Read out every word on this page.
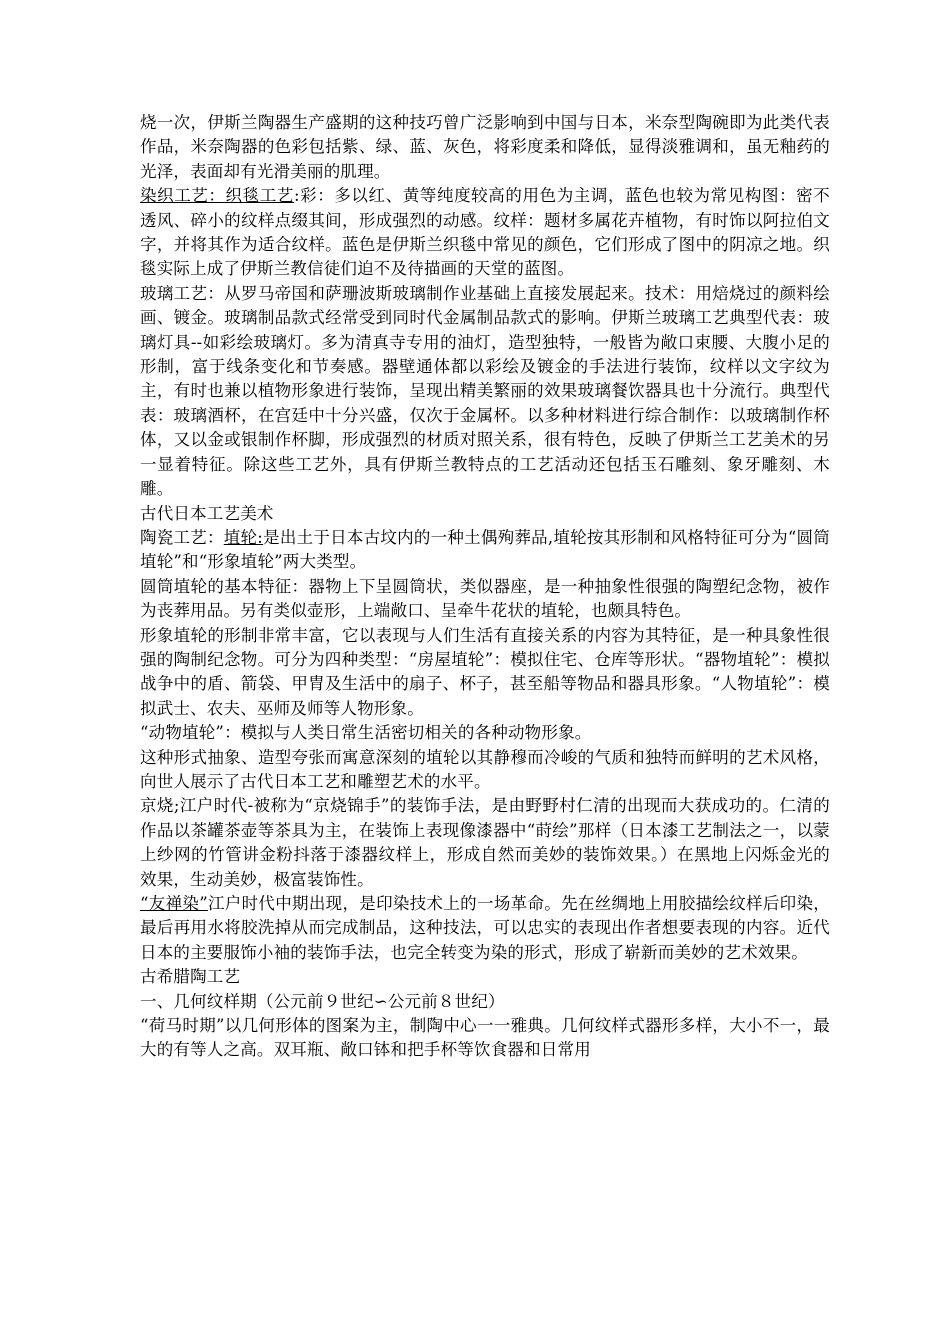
烧一次，伊斯兰陶器生产盛期的这种技巧曾广泛影响到中国与日本，米奈型陶碗即为此类代表作品，米奈陶器的色彩包括紫、绿、蓝、灰色，将彩度柔和降低，显得淡雅调和，虽无釉药的光泽，表面却有光滑美丽的肌理。

染织工艺：织毯工艺:彩：多以红、黄等纯度较高的用色为主调，蓝色也较为常见构图：密不透风、碎小的纹样点缀其间，形成强烈的动感。纹样：题材多属花卉植物，有时饰以阿拉伯文字，并将其作为适合纹样。蓝色是伊斯兰织毯中常见的颜色，它们形成了图中的阴凉之地。织毯实际上成了伊斯兰教信徒们迫不及待描画的天堂的蓝图。

玻璃工艺：从罗马帝国和萨珊波斯玻璃制作业基础上直接发展起来。技术：用焙烧过的颜料绘画、镀金。玻璃制品款式经常受到同时代金属制品款式的影响。伊斯兰玻璃工艺典型代表：玻璃灯具--如彩绘玻璃灯。多为清真寺专用的油灯，造型独特，一般皆为敞口束腰、大腹小足的形制，富于线条变化和节奏感。器壁通体都以彩绘及镀金的手法进行装饰，纹样以文字纹为主，有时也兼以植物形象进行装饰，呈现出精美繁丽的效果玻璃餐饮器具也十分流行。典型代表：玻璃酒杯，在宫廷中十分兴盛，仅次于金属杯。以多种材料进行综合制作：以玻璃制作杯体，又以金或银制作杯脚，形成强烈的材质对照关系，很有特色，反映了伊斯兰工艺美术的另一显着特征。除这些工艺外，具有伊斯兰教特点的工艺活动还包括玉石雕刻、象牙雕刻、木雕。

古代日本工艺美术

陶瓷工艺：埴轮:是出土于日本古坟内的一种土偶殉葬品,埴轮按其形制和风格特征可分为“圆筒埴轮”和“形象埴轮”两大类型。

圆筒埴轮的基本特征：器物上下呈圆筒状，类似器座，是一种抽象性很强的陶塑纪念物，被作为丧葬用品。另有类似壶形，上端敞口、呈牵牛花状的埴轮，也颇具特色。

形象埴轮的形制非常丰富，它以表现与人们生活有直接关系的内容为其特征，是一种具象性很强的陶制纪念物。可分为四种类型：“房屋埴轮”：模拟住宅、仓库等形状。“器物埴轮”：模拟战争中的盾、箭袋、甲胄及生活中的扇子、杯子，甚至船等物品和器具形象。“人物埴轮”：模拟武士、农夫、巫师及师等人物形象。

“动物埴轮”：模拟与人类日常生活密切相关的各种动物形象。

这种形式抽象、造型夸张而寓意深刻的埴轮以其静穆而冷峻的气质和独特而鲜明的艺术风格，向世人展示了古代日本工艺和雕塑艺术的水平。

京烧;江户时代-被称为“京烧锦手”的装饰手法，是由野野村仁清的出现而大获成功的。仁清的作品以茶罐茶壶等茶具为主，在装饰上表现像漆器中“莳绘”那样（日本漆工艺制法之一，以蒙上纱网的竹管讲金粉抖落于漆器纹样上，形成自然而美妙的装饰效果。）在黑地上闪烁金光的效果，生动美妙，极富装饰性。

“友禅染”江户时代中期出现，是印染技术上的一场革命。先在丝绸地上用胶描绘纹样后印染，最后再用水将胶洗掉从而完成制品，这种技法，可以忠实的表现出作者想要表现的内容。近代日本的主要服饰小袖的装饰手法，也完全转变为染的形式，形成了崭新而美妙的艺术效果。

古希腊陶工艺

一、几何纹样期（公元前９世纪∽公元前８世纪）

“荷马时期”以几何形体的图案为主，制陶中心一一雅典。几何纹样式器形多样，大小不一，最大的有等人之高。双耳瓶、敞口钵和把手杯等饮食器和日常用
